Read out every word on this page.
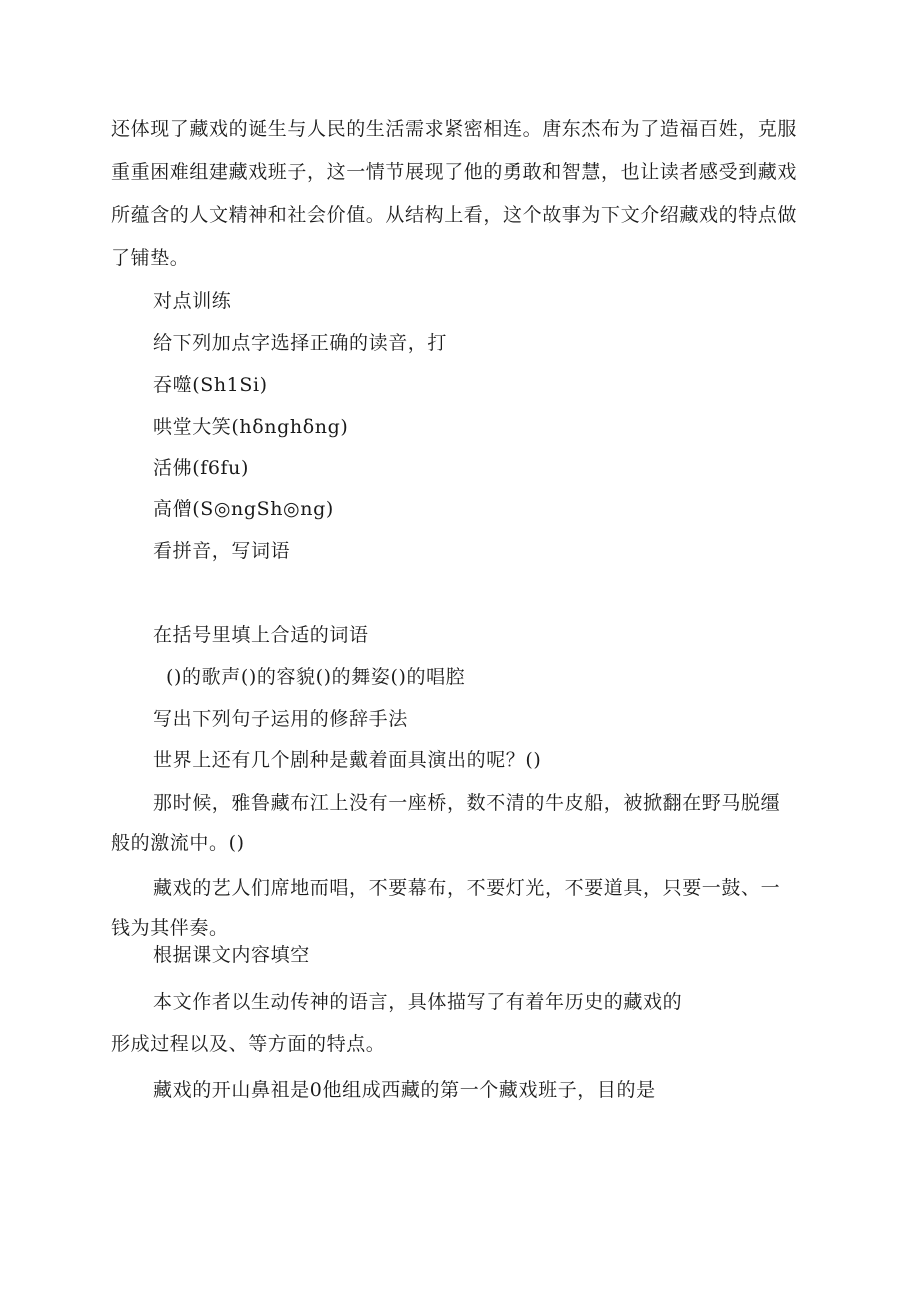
还体现了藏戏的诞生与人民的生活需求紧密相连。唐东杰布为了造福百姓，克服
重重困难组建藏戏班子，这一情节展现了他的勇敢和智慧，也让读者感受到藏戏
所蕴含的人文精神和社会价值。从结构上看，这个故事为下文介绍藏戏的特点做
了铺垫。
对点训练
给下列加点字选择正确的读音，打
吞噬(Sh1Si)
哄堂大笑(hδnghδng)
活佛(f6fu)
高僧(S◎ngSh◎ng)
看拼音，写词语
在括号里填上合适的词语
()的歌声()的容貌()的舞姿()的唱腔
写出下列句子运用的修辞手法
世界上还有几个剧种是戴着面具演出的呢？()
那时候，雅鲁藏布江上没有一座桥，数不清的牛皮船，被掀翻在野马脱缰
般的激流中。()
藏戏的艺人们席地而唱，不要幕布，不要灯光，不要道具，只要一鼓、一
钱为其伴奏。
根据课文内容填空
本文作者以生动传神的语言，具体描写了有着年历史的藏戏的
形成过程以及、等方面的特点。
藏戏的开山鼻祖是0他组成西藏的第一个藏戏班子，目的是
